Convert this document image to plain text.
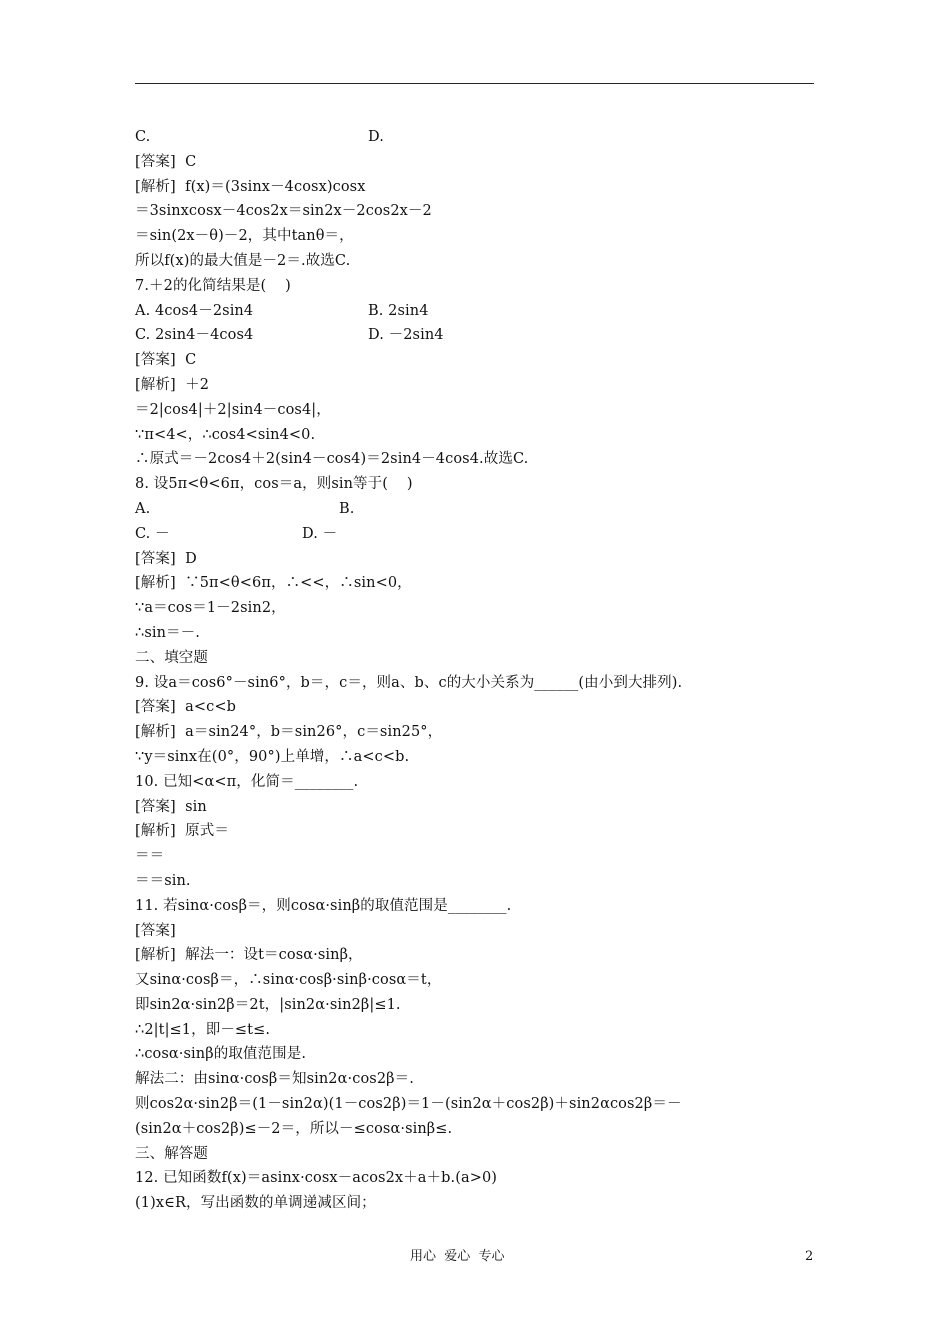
C.	D.
[答案]  C
[解析]  f(x)＝(3sinx－4cosx)cosx
＝3sinxcosx－4cos2x＝sin2x－2cos2x－2
＝sin(2x－θ)－2，其中tanθ＝，
所以f(x)的最大值是－2＝.故选C.
7.＋2的化简结果是(    )
A. 4cos4－2sin4	B. 2sin4
C. 2sin4－4cos4	D. －2sin4
[答案]  C
[解析]  ＋2
＝2|cos4|＋2|sin4－cos4|，
∵π<4<，∴cos4<sin4<0.
∴原式＝－2cos4＋2(sin4－cos4)＝2sin4－4cos4.故选C.
8. 设5π<θ<6π，cos＝a，则sin等于(    )
A.	B.
C. －	D. －
[答案]  D
[解析]  ∵5π<θ<6π，∴<<，∴sin<0，
∵a＝cos＝1－2sin2，
∴sin＝－.
二、填空题
9. 设a＝cos6°－sin6°，b＝，c＝，则a、b、c的大小关系为______(由小到大排列).
[答案]  a<c<b
[解析]  a＝sin24°，b＝sin26°，c＝sin25°，
∵y＝sinx在(0°，90°)上单增，∴a<c<b.
10. 已知<α<π，化简＝________.
[答案]  sin
[解析]  原式＝
＝＝
＝＝sin.
11. 若sinα·cosβ＝，则cosα·sinβ的取值范围是________.
[答案]
[解析]  解法一：设t＝cosα·sinβ，
又sinα·cosβ＝，∴sinα·cosβ·sinβ·cosα＝t，
即sin2α·sin2β＝2t，|sin2α·sin2β|≤1.
∴2|t|≤1，即－≤t≤.
∴cosα·sinβ的取值范围是.
解法二：由sinα·cosβ＝知sin2α·cos2β＝.
则cos2α·sin2β＝(1－sin2α)(1－cos2β)＝1－(sin2α＋cos2β)＋sin2αcos2β＝－
(sin2α＋cos2β)≤－2＝，所以－≤cosα·sinβ≤.
三、解答题
12. 已知函数f(x)＝asinx·cosx－acos2x＋a＋b.(a>0)
(1)x∈R，写出函数的单调递减区间；
用心  爱心  专心	2
